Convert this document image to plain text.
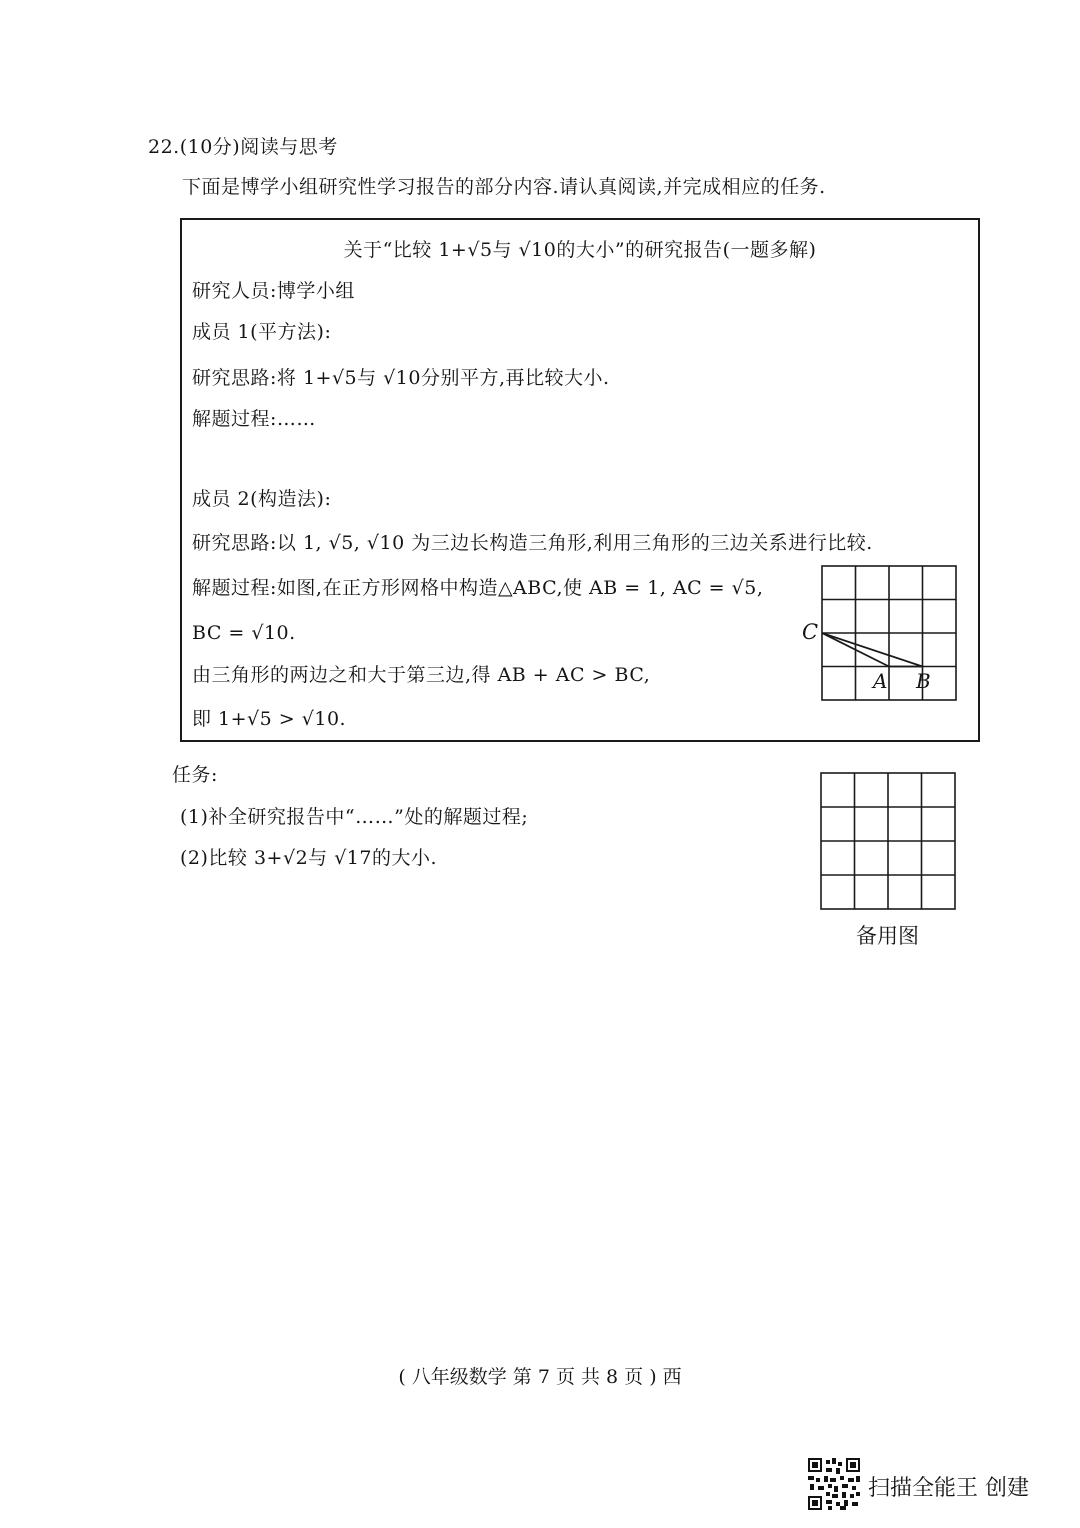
22.(10分)阅读与思考
下面是博学小组研究性学习报告的部分内容.请认真阅读,并完成相应的任务.
关于“比较 1+√5与 √10的大小”的研究报告(一题多解)
研究人员:博学小组
成员 1(平方法):
研究思路:将 1+√5与 √10分别平方,再比较大小.
解题过程:……
成员 2(构造法):
研究思路:以 1, √5, √10 为三边长构造三角形,利用三角形的三边关系进行比较.
解题过程:如图,在正方形网格中构造△ABC,使 AB = 1, AC = √5,
BC = √10.
由三角形的两边之和大于第三边,得 AB + AC > BC,
即 1+√5 > √10.
C
A B
任务:
(1)补全研究报告中“……”处的解题过程;
(2)比较 3+√2与 √17的大小.
备用图
( 八年级数学 第 7 页 共 8 页 ) 西
扫描全能王 创建
